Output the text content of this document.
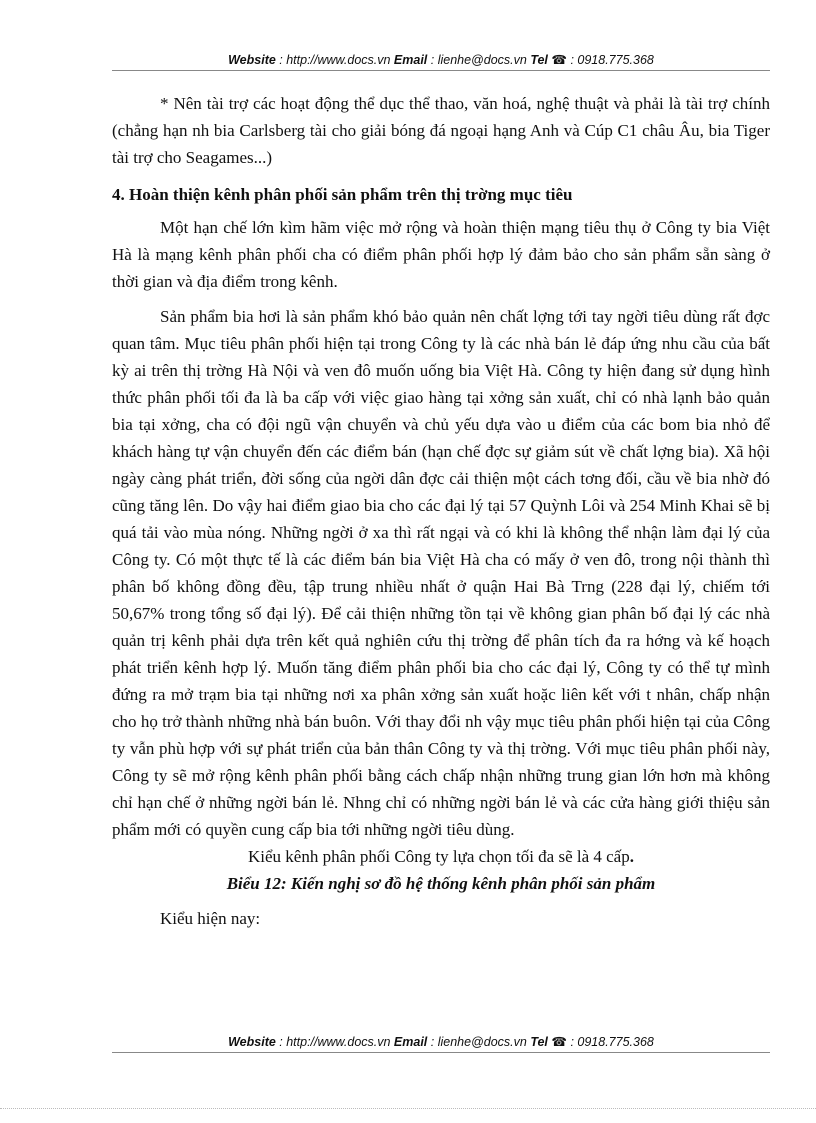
Website : http://www.docs.vn Email : lienhe@docs.vn Tel ☎ : 0918.775.368

* Nên tài trợ các hoạt động thể dục thể thao, văn hoá, nghệ thuật và phải là tài trợ chính (chẳng hạn nh bia Carlsberg tài cho giải bóng đá ngoại hạng Anh và Cúp C1 châu Âu, bia Tiger tài trợ cho Seagames...)

4. Hoàn thiện kênh phân phối sản phẩm trên thị trờng mục tiêu

Một hạn chế lớn kìm hãm việc mở rộng và hoàn thiện mạng tiêu thụ ở Công ty bia Việt Hà là mạng kênh phân phối cha có điểm phân phối hợp lý đảm bảo cho sản phẩm sẵn sàng ở thời gian và địa điểm trong kênh.

Sản phẩm bia hơi là sản phẩm khó bảo quản nên chất lợng tới tay ngời tiêu dùng rất đợc quan tâm. Mục tiêu phân phối hiện tại trong Công ty là các nhà bán lẻ đáp ứng nhu cầu của bất kỳ ai trên thị trờng Hà Nội và ven đô muốn uống bia Việt Hà. Công ty hiện đang sử dụng hình thức phân phối tối đa là ba cấp với việc giao hàng tại xởng sản xuất, chỉ có nhà lạnh bảo quản bia tại xởng, cha có đội ngũ vận chuyển và chủ yếu dựa vào u điểm của các bom bia nhỏ để khách hàng tự vận chuyển đến các điểm bán (hạn chế đợc sự giảm sút về chất lợng bia). Xã hội ngày càng phát triển, đời sống của ngời dân đợc cải thiện một cách tơng đối, cầu về bia nhờ đó cũng tăng lên. Do vậy hai điểm giao bia cho các đại lý tại 57 Quỳnh Lôi và 254 Minh Khai sẽ bị quá tải vào mùa nóng. Những ngời ở xa thì rất ngại và có khi là không thể nhận làm đại lý của Công ty. Có một thực tế là các điểm bán bia Việt Hà cha có mấy ở ven đô, trong nội thành thì phân bố không đồng đều, tập trung nhiều nhất ở quận Hai Bà Trng (228 đại lý, chiếm tới 50,67% trong tổng số đại lý). Để cải thiện những tồn tại về không gian phân bố đại lý các nhà quản trị kênh phải dựa trên kết quả nghiên cứu thị trờng để phân tích đa ra hớng và kế hoạch phát triển kênh hợp lý. Muốn tăng điểm phân phối bia cho các đại lý, Công ty có thể tự mình đứng ra mở trạm bia tại những nơi xa phân xởng sản xuất hoặc liên kết với t nhân, chấp nhận cho họ trở thành những nhà bán buôn. Với thay đổi nh vậy mục tiêu phân phối hiện tại của Công ty vẫn phù hợp với sự phát triển của bản thân Công ty và thị trờng. Với mục tiêu phân phối này, Công ty sẽ mở rộng kênh phân phối bằng cách chấp nhận những trung gian lớn hơn mà không chỉ hạn chế ở những ngời bán lẻ. Nhng chỉ có những ngời bán lẻ và các cửa hàng giới thiệu sản phẩm mới có quyền cung cấp bia tới những ngời tiêu dùng.

Kiểu kênh phân phối Công ty lựa chọn tối đa sẽ là 4 cấp.

Biểu 12: Kiến nghị sơ đồ hệ thống kênh phân phối sản phẩm

Kiểu hiện nay:

Website : http://www.docs.vn Email : lienhe@docs.vn Tel ☎ : 0918.775.368
